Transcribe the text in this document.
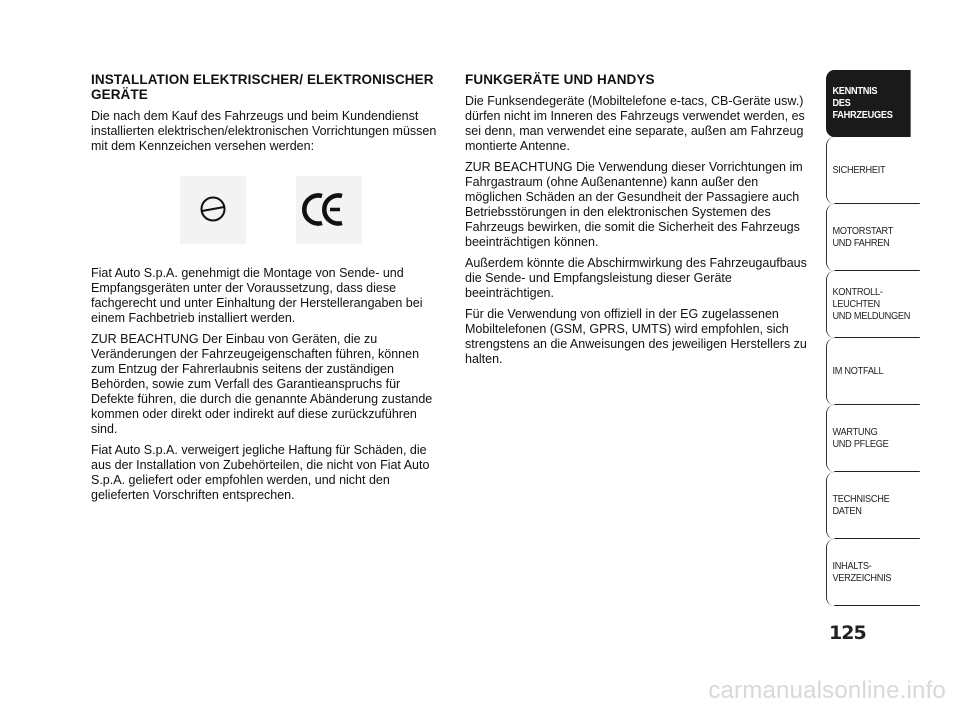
INSTALLATION ELEKTRISCHER/ ELEKTRONISCHER GERÄTE
Die nach dem Kauf des Fahrzeugs und beim Kundendienst installierten elektrischen/elektronischen Vorrichtungen müssen mit dem Kennzeichen versehen werden:
Fiat Auto S.p.A. genehmigt die Montage von Sende- und Empfangsgeräten unter der Voraussetzung, dass diese fachgerecht und unter Einhaltung der Herstellerangaben bei einem Fachbetrieb installiert werden.
ZUR BEACHTUNG Der Einbau von Geräten, die zu Veränderungen der Fahrzeugeigenschaften führen, können zum Entzug der Fahrerlaubnis seitens der zuständigen Behörden, sowie zum Verfall des Garantieanspruchs für Defekte führen, die durch die genannte Abänderung zustande kommen oder direkt oder indirekt auf diese zurückzuführen sind.
Fiat Auto S.p.A. verweigert jegliche Haftung für Schäden, die aus der Installation von Zubehörteilen, die nicht von Fiat Auto S.p.A. geliefert oder empfohlen werden, und nicht den gelieferten Vorschriften entsprechen.
FUNKGERÄTE UND HANDYS
Die Funksendegeräte (Mobiltelefone e-tacs, CB-Geräte usw.) dürfen nicht im Inneren des Fahrzeugs verwendet werden, es sei denn, man verwendet eine separate, außen am Fahrzeug montierte Antenne.
ZUR BEACHTUNG Die Verwendung dieser Vorrichtungen im Fahrgastraum (ohne Außenantenne) kann außer den möglichen Schäden an der Gesundheit der Passagiere auch Betriebsstörungen in den elektronischen Systemen des Fahrzeugs bewirken, die somit die Sicherheit des Fahrzeugs beeinträchtigen können.
Außerdem könnte die Abschirmwirkung des Fahrzeugaufbaus die Sende- und Empfangsleistung dieser Geräte beeinträchtigen.
Für die Verwendung von offiziell in der EG zugelassenen Mobiltelefonen (GSM, GPRS, UMTS) wird empfohlen, sich strengstens an die Anweisungen des jeweiligen Herstellers zu halten.
KENNTNIS
DES FAHRZEUGES
SICHERHEIT
MOTORSTART
UND FAHREN
KONTROLL-
LEUCHTEN
UND MELDUNGEN
IM NOTFALL
WARTUNG
UND PFLEGE
TECHNISCHE
DATEN
INHALTS-
VERZEICHNIS
125
carmanualsonline.info
